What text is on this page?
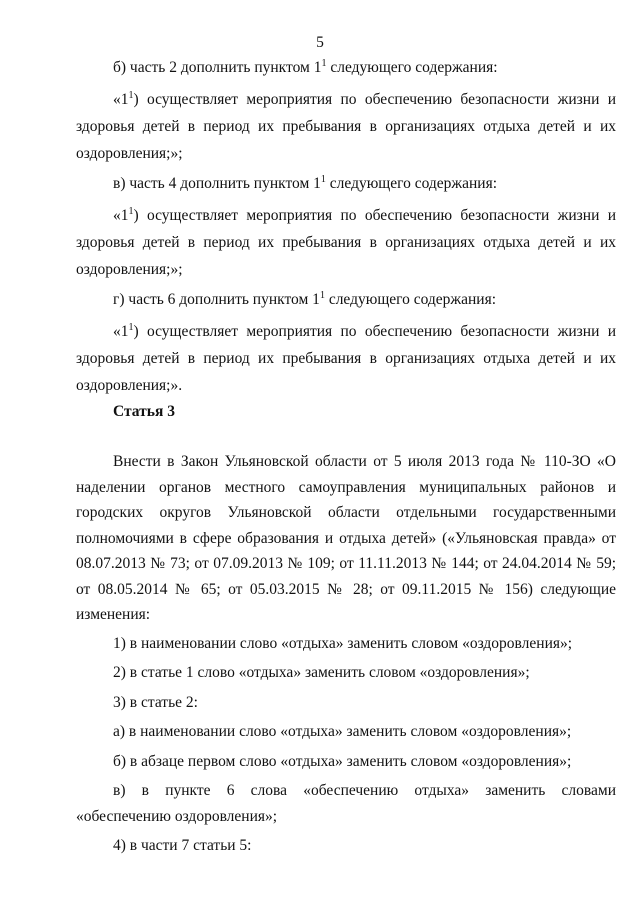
5

б) часть 2 дополнить пунктом $1^1$ следующего содержания:

«$1^1$) осуществляет мероприятия по обеспечению безопасности жизни и здоровья детей в период их пребывания в организациях отдыха детей и их оздоровления;»;

в) часть 4 дополнить пунктом $1^1$ следующего содержания:

«$1^1$) осуществляет мероприятия по обеспечению безопасности жизни и здоровья детей в период их пребывания в организациях отдыха детей и их оздоровления;»;

г) часть 6 дополнить пунктом $1^1$ следующего содержания:

«$1^1$) осуществляет мероприятия по обеспечению безопасности жизни и здоровья детей в период их пребывания в организациях отдыха детей и их оздоровления;».

Статья 3

Внести в Закон Ульяновской области от 5 июля 2013 года № 110-ЗО «О наделении органов местного самоуправления муниципальных районов и городских округов Ульяновской области отдельными государственными полномочиями в сфере образования и отдыха детей» («Ульяновская правда» от 08.07.2013 № 73; от 07.09.2013 № 109; от 11.11.2013 № 144; от 24.04.2014 № 59; от 08.05.2014 № 65; от 05.03.2015 № 28; от 09.11.2015 № 156) следующие изменения:

1) в наименовании слово «отдыха» заменить словом «оздоровления»;

2) в статье 1 слово «отдыха» заменить словом «оздоровления»;

3) в статье 2:

а) в наименовании слово «отдыха» заменить словом «оздоровления»;

б) в абзаце первом слово «отдыха» заменить словом «оздоровления»;

в) в пункте 6 слова «обеспечению отдыха» заменить словами «обеспечению оздоровления»;

4) в части 7 статьи 5:
